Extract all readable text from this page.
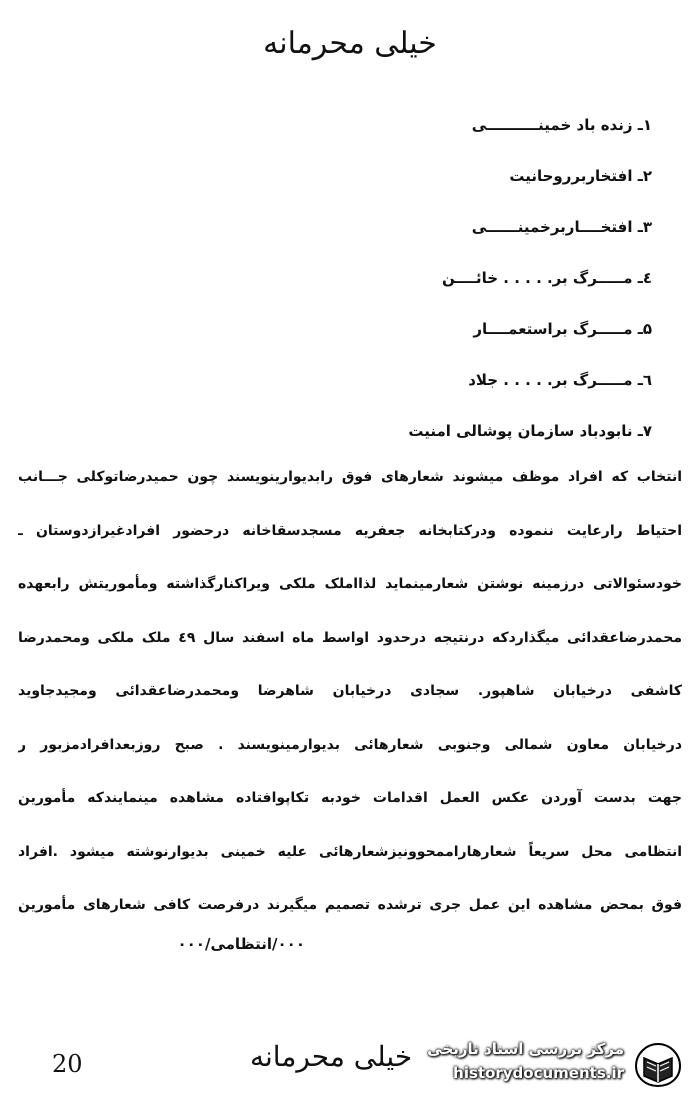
خیلی محرمانه
۱ـ زنده باد خمینــــــــــی
۲ـ افتخاربرروحانیت
۳ـ افتخــــاربرخمینــــــی
٤ـ مـــــرگ بر. . . . . خائــــن
۵ـ مـــــرگ براستعمــــار
٦ـ مـــــرگ بر. . . . . جلاد
۷ـ نابودباد سازمان پوشالی امنیت
انتخاب که افراد موظف میشوند شعارهای فوق رابدیوارینویسند چون حمیدرضاتوکلی جـــانب
احتیاط رارعایت ننموده ودرکتابخانه جعفریه مسجدسقاخانه درحضور افرادغیرازدوستان ـ
خودسئوالاتی درزمینه نوشتن شعارمینماید لذااملک ملکی ویراکنارگذاشته ومأموریتش رابعهده
محمدرضاعقدائی میگذاردکه درنتیجه درحدود اواسط ماه اسفند سال ٤۹ ملک ملکی ومحمدرضا
کاشفی درخیابان شاهپور. سجادی درخیابان شاهرضا ومحمدرضاعقدائی ومجیدجاوید
درخیابان معاون شمالی وجنوبی شعارهائی بدیوارمینویسند . صبح روزبعدافرادمزبور ر
جهت بدست آوردن عکس العمل اقدامات خودبه تکاپوافتاده مشاهده مینمایندکه مأمورین
انتظامی محل سریعاً شعارهاراممحوونیزشعارهائی علیه خمینی بدیوارنوشته میشود .افراد
فوق بمحض مشاهده این عمل جری ترشده تصمیم میگیرند درفرصت کافی شعارهای مأمورین
٠٠٠/انتظامی/٠٠٠
20	خیلی محرمانه	مرکز بررسی اسناد تاریخی
historydocuments.ir
